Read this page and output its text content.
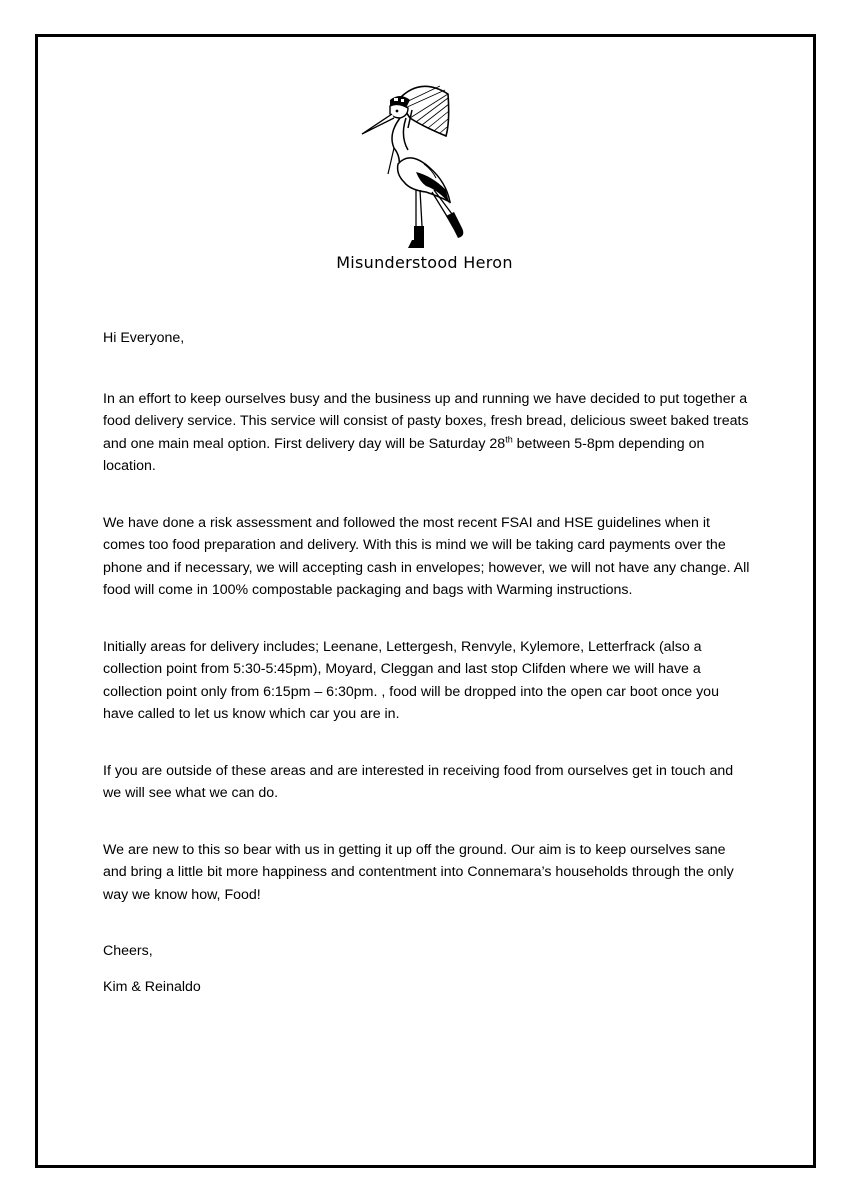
Misunderstood Heron

Hi Everyone,

In an effort to keep ourselves busy and the business up and running we have decided to put together a food delivery service. This service will consist of pasty boxes, fresh bread, delicious sweet baked treats and one main meal option. First delivery day will be Saturday 28th between 5-8pm depending on location.

We have done a risk assessment and followed the most recent FSAI and HSE guidelines when it comes too food preparation and delivery. With this is mind we will be taking card payments over the phone and if necessary, we will accepting cash in envelopes; however, we will not have any change. All food will come in 100% compostable packaging and bags with Warming instructions.

Initially areas for delivery includes; Leenane, Lettergesh, Renvyle, Kylemore, Letterfrack (also a collection point from 5:30-5:45pm), Moyard, Cleggan and last stop Clifden where we will have a collection point only from 6:15pm – 6:30pm. , food will be dropped into the open car boot once you have called to let us know which car you are in.

If you are outside of these areas and are interested in receiving food from ourselves get in touch and we will see what we can do.

We are new to this so bear with us in getting it up off the ground. Our aim is to keep ourselves sane and bring a little bit more happiness and contentment into Connemara’s households through the only way we know how, Food!

Cheers,

Kim & Reinaldo
